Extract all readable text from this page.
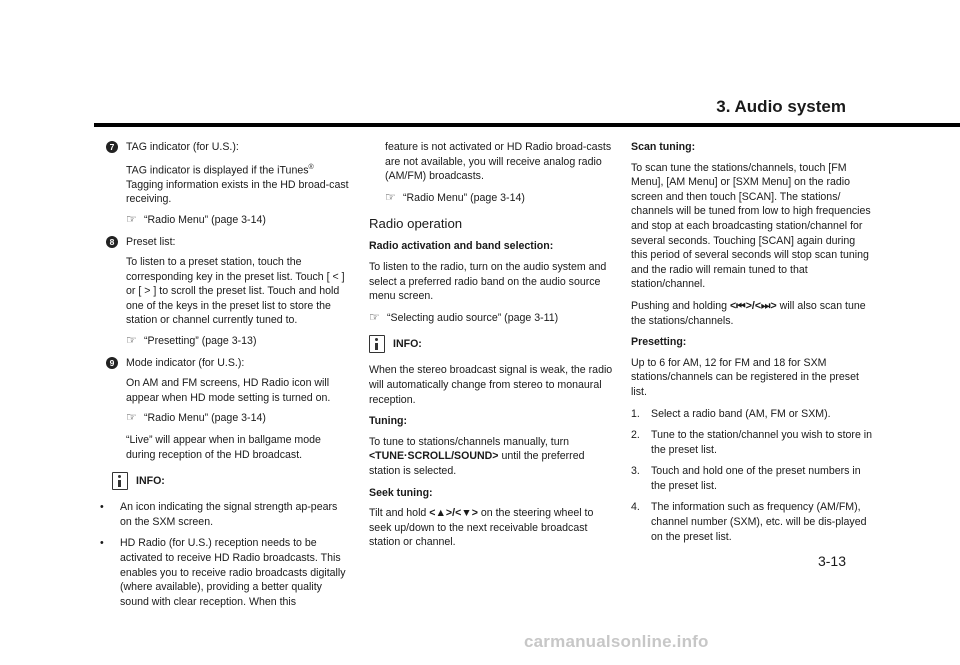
3. Audio system
7	TAG indicator (for U.S.):

TAG indicator is displayed if the iTunes® Tagging information exists in the HD broad-cast receiving.

☞ “Radio Menu” (page 3-14)

8	Preset list:

To listen to a preset station, touch the corresponding key in the preset list. Touch [ < ] or [ > ] to scroll the preset list. Touch and hold one of the keys in the preset list to store the station or channel currently tuned to.

☞ “Presetting” (page 3-13)

9	Mode indicator (for U.S.):

On AM and FM screens, HD Radio icon will appear when HD mode setting is turned on.

☞ “Radio Menu” (page 3-14)

“Live” will appear when in ballgame mode during reception of the HD broadcast.

INFO:

• An icon indicating the signal strength ap-pears on the SXM screen.

• HD Radio (for U.S.) reception needs to be activated to receive HD Radio broadcasts. This enables you to receive radio broadcasts digitally (where available), providing a better quality sound with clear reception. When this

feature is not activated or HD Radio broad-casts are not available, you will receive analog radio (AM/FM) broadcasts.

☞ “Radio Menu” (page 3-14)

Radio operation

Radio activation and band selection:

To listen to the radio, turn on the audio system and select a preferred radio band on the audio source menu screen.

☞ “Selecting audio source” (page 3-11)

INFO:

When the stereo broadcast signal is weak, the radio will automatically change from stereo to monaural reception.

Tuning:

To tune to stations/channels manually, turn <TUNE·SCROLL/SOUND> until the preferred station is selected.

Seek tuning:

Tilt and hold <▲>/<▼> on the steering wheel to seek up/down to the next receivable broadcast station or channel.

Scan tuning:

To scan tune the stations/channels, touch [FM Menu], [AM Menu] or [SXM Menu] on the radio screen and then touch [SCAN]. The stations/ channels will be tuned from low to high frequencies and stop at each broadcasting station/channel for several seconds. Touching [SCAN] again during this period of several seconds will stop scan tuning and the radio will remain tuned to that station/channel.

Pushing and holding <⏮>/<⏭> will also scan tune the stations/channels.

Presetting:

Up to 6 for AM, 12 for FM and 18 for SXM stations/channels can be registered in the preset list.

1. Select a radio band (AM, FM or SXM).

2. Tune to the station/channel you wish to store in the preset list.

3. Touch and hold one of the preset numbers in the preset list.

4. The information such as frequency (AM/FM), channel number (SXM), etc. will be dis-played on the preset list.

3-13
carmanualsonline.info
